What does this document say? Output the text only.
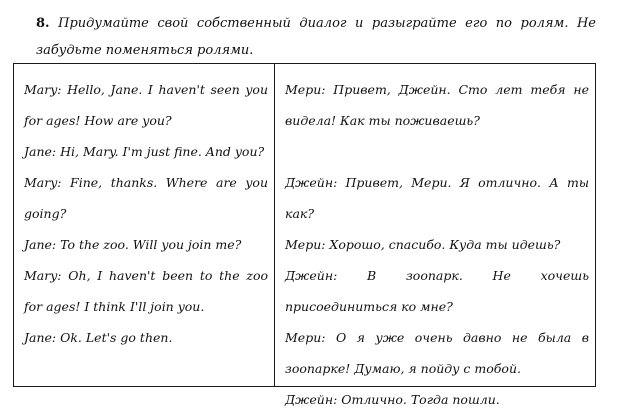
8. Придумайте свой собственный диалог и разыграйте его по ролям. Не забудьте поменяться ролями.

Mary: Hello, Jane. I haven't seen you for ages! How are you?

Jane: Hi, Mary. I'm just fine. And you?

Mary: Fine, thanks. Where are you going?

Jane: To the zoo. Will you join me?

Mary: Oh, I haven't been to the zoo for ages! I think I'll join you.

Jane: Ok. Let's go then.

Мери: Привет, Джейн. Сто лет тебя не видела! Как ты поживаешь?

Джейн: Привет, Мери. Я отлично. А ты как?

Мери: Хорошо, спасибо. Куда ты идешь?

Джейн: В зоопарк. Не хочешь присоединиться ко мне?

Мери: О я уже очень давно не была в зоопарке! Думаю, я пойду с тобой.

Джейн: Отлично. Тогда пошли.
